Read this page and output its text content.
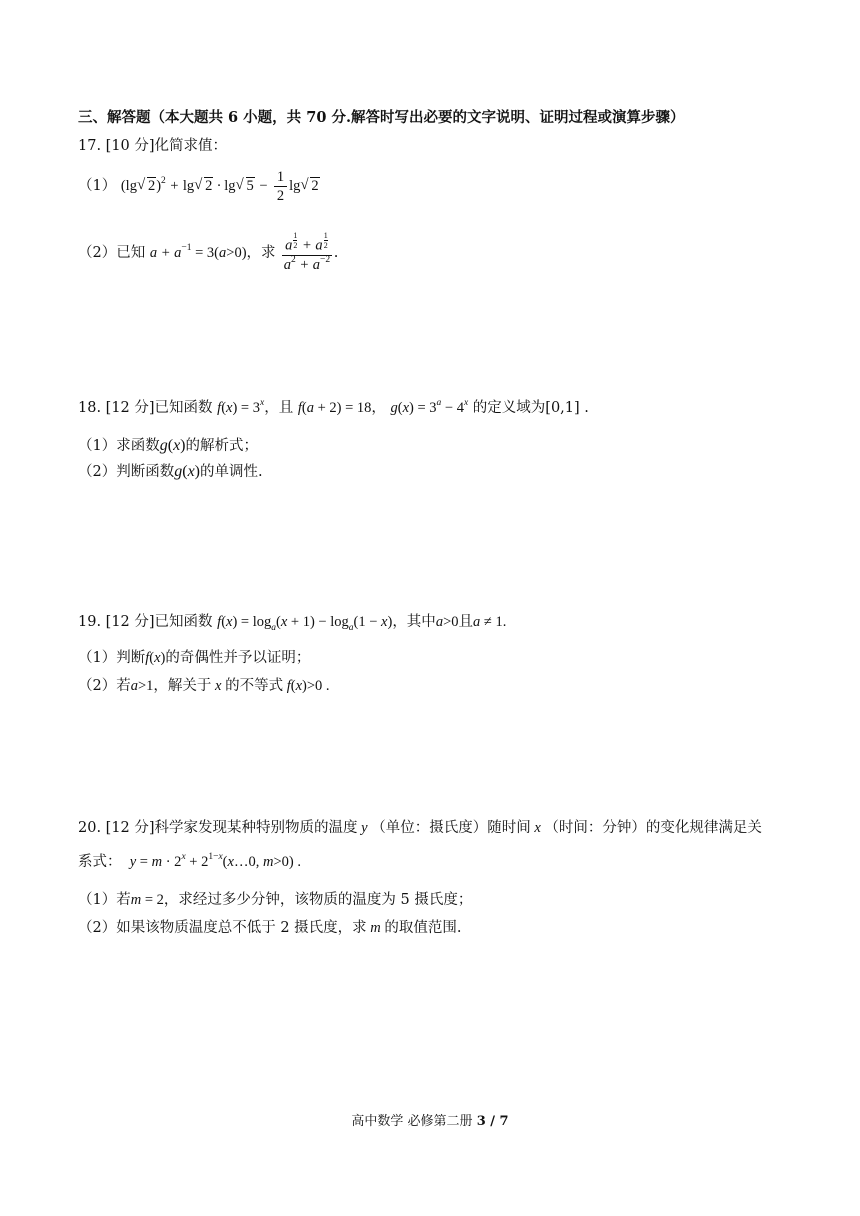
三、解答题（本大题共 6 小题，共 70 分.解答时写出必要的文字说明、证明过程或演算步骤）
17. [10 分]化简求值：
（1） (lg√ 2)$^2$ + lg√ 2 · lg√ $5 - \frac{1}{2} \lg√$ 2
（2）已知 $a + a^{-1} = 3(a>0)$，求 a $^{\frac{1}{2}}$ + a $^{\frac{1}{2}}$
$a^2 + a^{-2}$ .
18. [12 分]已知函数 $f(x) = 3^x$，且 f(a + 2) = 18， $g(x) = 3^a - 4^x$ 的定义域为[0,1] .
（1）求函数g(x)的解析式；
（2）判断函数g(x)的单调性.
19. [12 分]已知函数 $f(x) = \log_a(x + 1) - \log_a(1 - x)$，其中a>0且a ≠ 1.
（1）判断f(x)的奇偶性并予以证明；
（2）若a>1，解关于 x 的不等式 f(x)>0 .
20. [12 分]科学家发现某种特别物质的温度 y （单位：摄氏度）随时间 x （时间：分钟）的变化规律满足关
系式：  $y = m \cdot 2^x$ + $2^{1-x}(x\dots 0$, m>0) .
（1）若m = 2，求经过多少分钟，该物质的温度为 5 摄氏度；
（2）如果该物质温度总不低于 2 摄氏度，求 m 的取值范围.
高中数学 必修第二册 3 / 7
